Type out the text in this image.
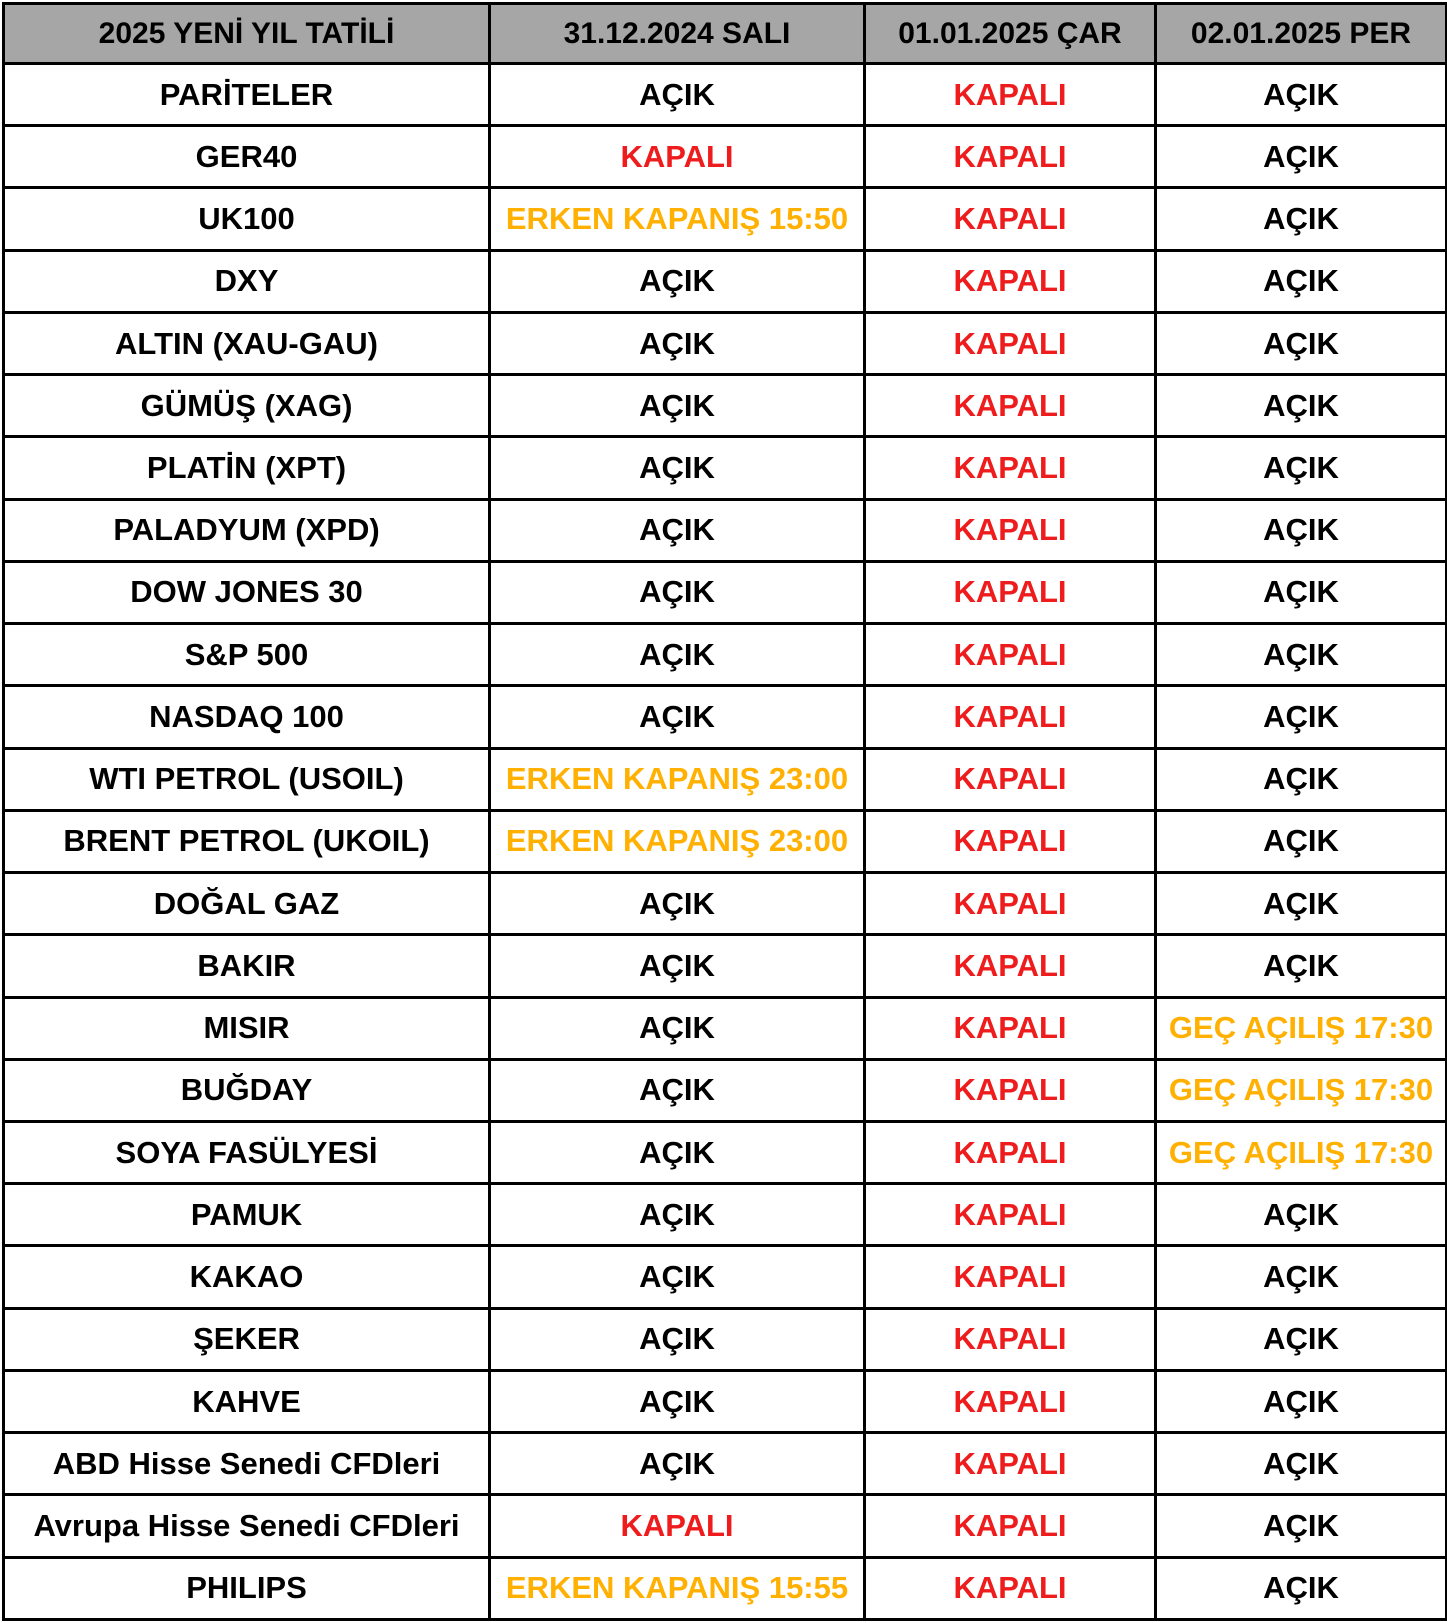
2025 YENİ YIL TATİLİ	31.12.2024 SALI	01.01.2025 ÇAR	02.01.2025 PER
PARİTELER	AÇIK	KAPALI	AÇIK
GER40	KAPALI	KAPALI	AÇIK
UK100	ERKEN KAPANIŞ 15:50	KAPALI	AÇIK
DXY	AÇIK	KAPALI	AÇIK
ALTIN (XAU-GAU)	AÇIK	KAPALI	AÇIK
GÜMÜŞ (XAG)	AÇIK	KAPALI	AÇIK
PLATİN (XPT)	AÇIK	KAPALI	AÇIK
PALADYUM (XPD)	AÇIK	KAPALI	AÇIK
DOW JONES 30	AÇIK	KAPALI	AÇIK
S&P 500	AÇIK	KAPALI	AÇIK
NASDAQ 100	AÇIK	KAPALI	AÇIK
WTI PETROL (USOIL)	ERKEN KAPANIŞ 23:00	KAPALI	AÇIK
BRENT PETROL (UKOIL)	ERKEN KAPANIŞ 23:00	KAPALI	AÇIK
DOĞAL GAZ	AÇIK	KAPALI	AÇIK
BAKIR	AÇIK	KAPALI	AÇIK
MISIR	AÇIK	KAPALI	GEÇ AÇILIŞ 17:30
BUĞDAY	AÇIK	KAPALI	GEÇ AÇILIŞ 17:30
SOYA FASÜLYESİ	AÇIK	KAPALI	GEÇ AÇILIŞ 17:30
PAMUK	AÇIK	KAPALI	AÇIK
KAKAO	AÇIK	KAPALI	AÇIK
ŞEKER	AÇIK	KAPALI	AÇIK
KAHVE	AÇIK	KAPALI	AÇIK
ABD Hisse Senedi CFDleri	AÇIK	KAPALI	AÇIK
Avrupa Hisse Senedi CFDleri	KAPALI	KAPALI	AÇIK
PHILIPS	ERKEN KAPANIŞ 15:55	KAPALI	AÇIK
